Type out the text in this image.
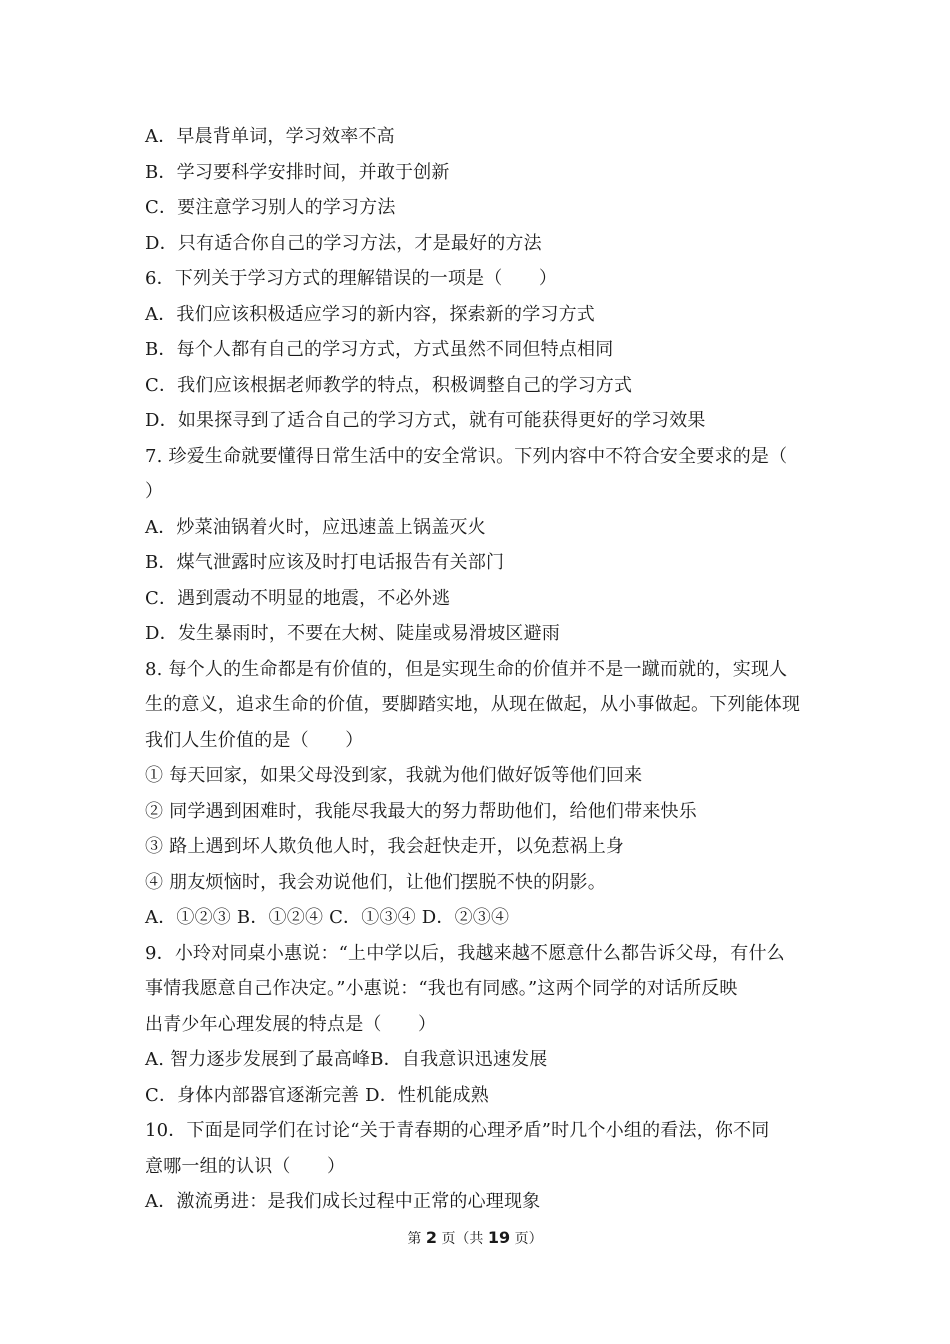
A．早晨背单词，学习效率不高
B．学习要科学安排时间，并敢于创新
C．要注意学习别人的学习方法
D．只有适合你自己的学习方法，才是最好的方法
6．下列关于学习方式的理解错误的一项是（　　）
A．我们应该积极适应学习的新内容，探索新的学习方式
B．每个人都有自己的学习方式，方式虽然不同但特点相同
C．我们应该根据老师教学的特点，积极调整自己的学习方式
D．如果探寻到了适合自己的学习方式，就有可能获得更好的学习效果
7. 珍爱生命就要懂得日常生活中的安全常识。下列内容中不符合安全要求的是（
）
A．炒菜油锅着火时，应迅速盖上锅盖灭火
B．煤气泄露时应该及时打电话报告有关部门
C．遇到震动不明显的地震，不必外逃
D．发生暴雨时，不要在大树、陡崖或易滑坡区避雨
8. 每个人的生命都是有价值的，但是实现生命的价值并不是一蹴而就的，实现人
生的意义，追求生命的价值，要脚踏实地，从现在做起，从小事做起。下列能体现
我们人生价值的是（　　）
① 每天回家，如果父母没到家，我就为他们做好饭等他们回来
② 同学遇到困难时，我能尽我最大的努力帮助他们，给他们带来快乐
③ 路上遇到坏人欺负他人时，我会赶快走开，以免惹祸上身
④ 朋友烦恼时，我会劝说他们，让他们摆脱不快的阴影。
A．①②③ B．①②④ C．①③④ D．②③④
9．小玲对同桌小惠说：“上中学以后，我越来越不愿意什么都告诉父母，有什么
事情我愿意自己作决定。”小惠说：“我也有同感。”这两个同学的对话所反映
出青少年心理发展的特点是（　　）
A. 智力逐步发展到了最高峰B．自我意识迅速发展
C．身体内部器官逐渐完善 D．性机能成熟
10．下面是同学们在讨论“关于青春期的心理矛盾”时几个小组的看法，你不同
意哪一组的认识（　　）
A．激流勇进：是我们成长过程中正常的心理现象
第 2 页（共 19 页）
